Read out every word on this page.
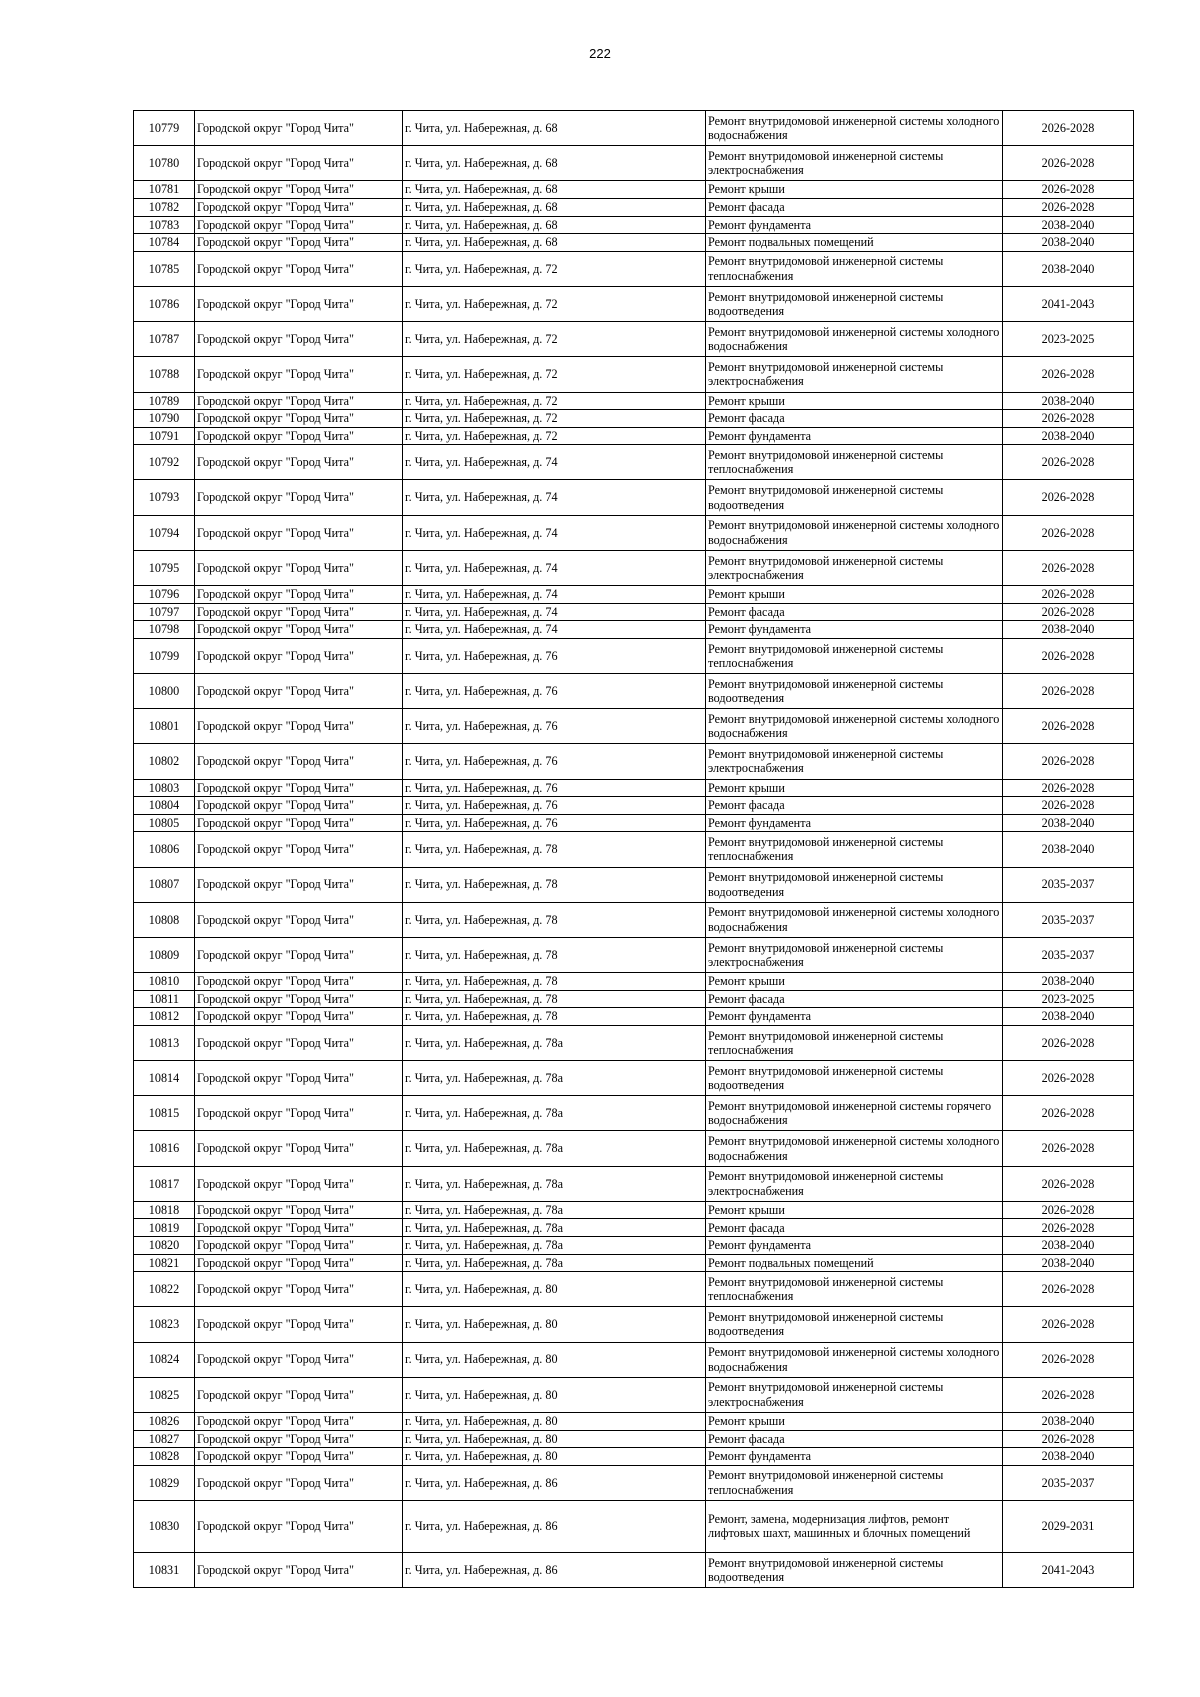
222
10779	Городской округ "Город Чита"	г. Чита, ул. Набережная, д. 68	Ремонт внутридомовой инженерной системы холодного водоснабжения	2026-2028
10780	Городской округ "Город Чита"	г. Чита, ул. Набережная, д. 68	Ремонт внутридомовой инженерной системы электроснабжения	2026-2028
10781	Городской округ "Город Чита"	г. Чита, ул. Набережная, д. 68	Ремонт крыши	2026-2028
10782	Городской округ "Город Чита"	г. Чита, ул. Набережная, д. 68	Ремонт фасада	2026-2028
10783	Городской округ "Город Чита"	г. Чита, ул. Набережная, д. 68	Ремонт фундамента	2038-2040
10784	Городской округ "Город Чита"	г. Чита, ул. Набережная, д. 68	Ремонт подвальных помещений	2038-2040
10785	Городской округ "Город Чита"	г. Чита, ул. Набережная, д. 72	Ремонт внутридомовой инженерной системы теплоснабжения	2038-2040
10786	Городской округ "Город Чита"	г. Чита, ул. Набережная, д. 72	Ремонт внутридомовой инженерной системы водоотведения	2041-2043
10787	Городской округ "Город Чита"	г. Чита, ул. Набережная, д. 72	Ремонт внутридомовой инженерной системы холодного водоснабжения	2023-2025
10788	Городской округ "Город Чита"	г. Чита, ул. Набережная, д. 72	Ремонт внутридомовой инженерной системы электроснабжения	2026-2028
10789	Городской округ "Город Чита"	г. Чита, ул. Набережная, д. 72	Ремонт крыши	2038-2040
10790	Городской округ "Город Чита"	г. Чита, ул. Набережная, д. 72	Ремонт фасада	2026-2028
10791	Городской округ "Город Чита"	г. Чита, ул. Набережная, д. 72	Ремонт фундамента	2038-2040
10792	Городской округ "Город Чита"	г. Чита, ул. Набережная, д. 74	Ремонт внутридомовой инженерной системы теплоснабжения	2026-2028
10793	Городской округ "Город Чита"	г. Чита, ул. Набережная, д. 74	Ремонт внутридомовой инженерной системы водоотведения	2026-2028
10794	Городской округ "Город Чита"	г. Чита, ул. Набережная, д. 74	Ремонт внутридомовой инженерной системы холодного водоснабжения	2026-2028
10795	Городской округ "Город Чита"	г. Чита, ул. Набережная, д. 74	Ремонт внутридомовой инженерной системы электроснабжения	2026-2028
10796	Городской округ "Город Чита"	г. Чита, ул. Набережная, д. 74	Ремонт крыши	2026-2028
10797	Городской округ "Город Чита"	г. Чита, ул. Набережная, д. 74	Ремонт фасада	2026-2028
10798	Городской округ "Город Чита"	г. Чита, ул. Набережная, д. 74	Ремонт фундамента	2038-2040
10799	Городской округ "Город Чита"	г. Чита, ул. Набережная, д. 76	Ремонт внутридомовой инженерной системы теплоснабжения	2026-2028
10800	Городской округ "Город Чита"	г. Чита, ул. Набережная, д. 76	Ремонт внутридомовой инженерной системы водоотведения	2026-2028
10801	Городской округ "Город Чита"	г. Чита, ул. Набережная, д. 76	Ремонт внутридомовой инженерной системы холодного водоснабжения	2026-2028
10802	Городской округ "Город Чита"	г. Чита, ул. Набережная, д. 76	Ремонт внутридомовой инженерной системы электроснабжения	2026-2028
10803	Городской округ "Город Чита"	г. Чита, ул. Набережная, д. 76	Ремонт крыши	2026-2028
10804	Городской округ "Город Чита"	г. Чита, ул. Набережная, д. 76	Ремонт фасада	2026-2028
10805	Городской округ "Город Чита"	г. Чита, ул. Набережная, д. 76	Ремонт фундамента	2038-2040
10806	Городской округ "Город Чита"	г. Чита, ул. Набережная, д. 78	Ремонт внутридомовой инженерной системы теплоснабжения	2038-2040
10807	Городской округ "Город Чита"	г. Чита, ул. Набережная, д. 78	Ремонт внутридомовой инженерной системы водоотведения	2035-2037
10808	Городской округ "Город Чита"	г. Чита, ул. Набережная, д. 78	Ремонт внутридомовой инженерной системы холодного водоснабжения	2035-2037
10809	Городской округ "Город Чита"	г. Чита, ул. Набережная, д. 78	Ремонт внутридомовой инженерной системы электроснабжения	2035-2037
10810	Городской округ "Город Чита"	г. Чита, ул. Набережная, д. 78	Ремонт крыши	2038-2040
10811	Городской округ "Город Чита"	г. Чита, ул. Набережная, д. 78	Ремонт фасада	2023-2025
10812	Городской округ "Город Чита"	г. Чита, ул. Набережная, д. 78	Ремонт фундамента	2038-2040
10813	Городской округ "Город Чита"	г. Чита, ул. Набережная, д. 78а	Ремонт внутридомовой инженерной системы теплоснабжения	2026-2028
10814	Городской округ "Город Чита"	г. Чита, ул. Набережная, д. 78а	Ремонт внутридомовой инженерной системы водоотведения	2026-2028
10815	Городской округ "Город Чита"	г. Чита, ул. Набережная, д. 78а	Ремонт внутридомовой инженерной системы горячего водоснабжения	2026-2028
10816	Городской округ "Город Чита"	г. Чита, ул. Набережная, д. 78а	Ремонт внутридомовой инженерной системы холодного водоснабжения	2026-2028
10817	Городской округ "Город Чита"	г. Чита, ул. Набережная, д. 78а	Ремонт внутридомовой инженерной системы электроснабжения	2026-2028
10818	Городской округ "Город Чита"	г. Чита, ул. Набережная, д. 78а	Ремонт крыши	2026-2028
10819	Городской округ "Город Чита"	г. Чита, ул. Набережная, д. 78а	Ремонт фасада	2026-2028
10820	Городской округ "Город Чита"	г. Чита, ул. Набережная, д. 78а	Ремонт фундамента	2038-2040
10821	Городской округ "Город Чита"	г. Чита, ул. Набережная, д. 78а	Ремонт подвальных помещений	2038-2040
10822	Городской округ "Город Чита"	г. Чита, ул. Набережная, д. 80	Ремонт внутридомовой инженерной системы теплоснабжения	2026-2028
10823	Городской округ "Город Чита"	г. Чита, ул. Набережная, д. 80	Ремонт внутридомовой инженерной системы водоотведения	2026-2028
10824	Городской округ "Город Чита"	г. Чита, ул. Набережная, д. 80	Ремонт внутридомовой инженерной системы холодного водоснабжения	2026-2028
10825	Городской округ "Город Чита"	г. Чита, ул. Набережная, д. 80	Ремонт внутридомовой инженерной системы электроснабжения	2026-2028
10826	Городской округ "Город Чита"	г. Чита, ул. Набережная, д. 80	Ремонт крыши	2038-2040
10827	Городской округ "Город Чита"	г. Чита, ул. Набережная, д. 80	Ремонт фасада	2026-2028
10828	Городской округ "Город Чита"	г. Чита, ул. Набережная, д. 80	Ремонт фундамента	2038-2040
10829	Городской округ "Город Чита"	г. Чита, ул. Набережная, д. 86	Ремонт внутридомовой инженерной системы теплоснабжения	2035-2037
10830	Городской округ "Город Чита"	г. Чита, ул. Набережная, д. 86	Ремонт, замена, модернизация лифтов, ремонт лифтовых шахт, машинных и блочных помещений	2029-2031
10831	Городской округ "Город Чита"	г. Чита, ул. Набережная, д. 86	Ремонт внутридомовой инженерной системы водоотведения	2041-2043
